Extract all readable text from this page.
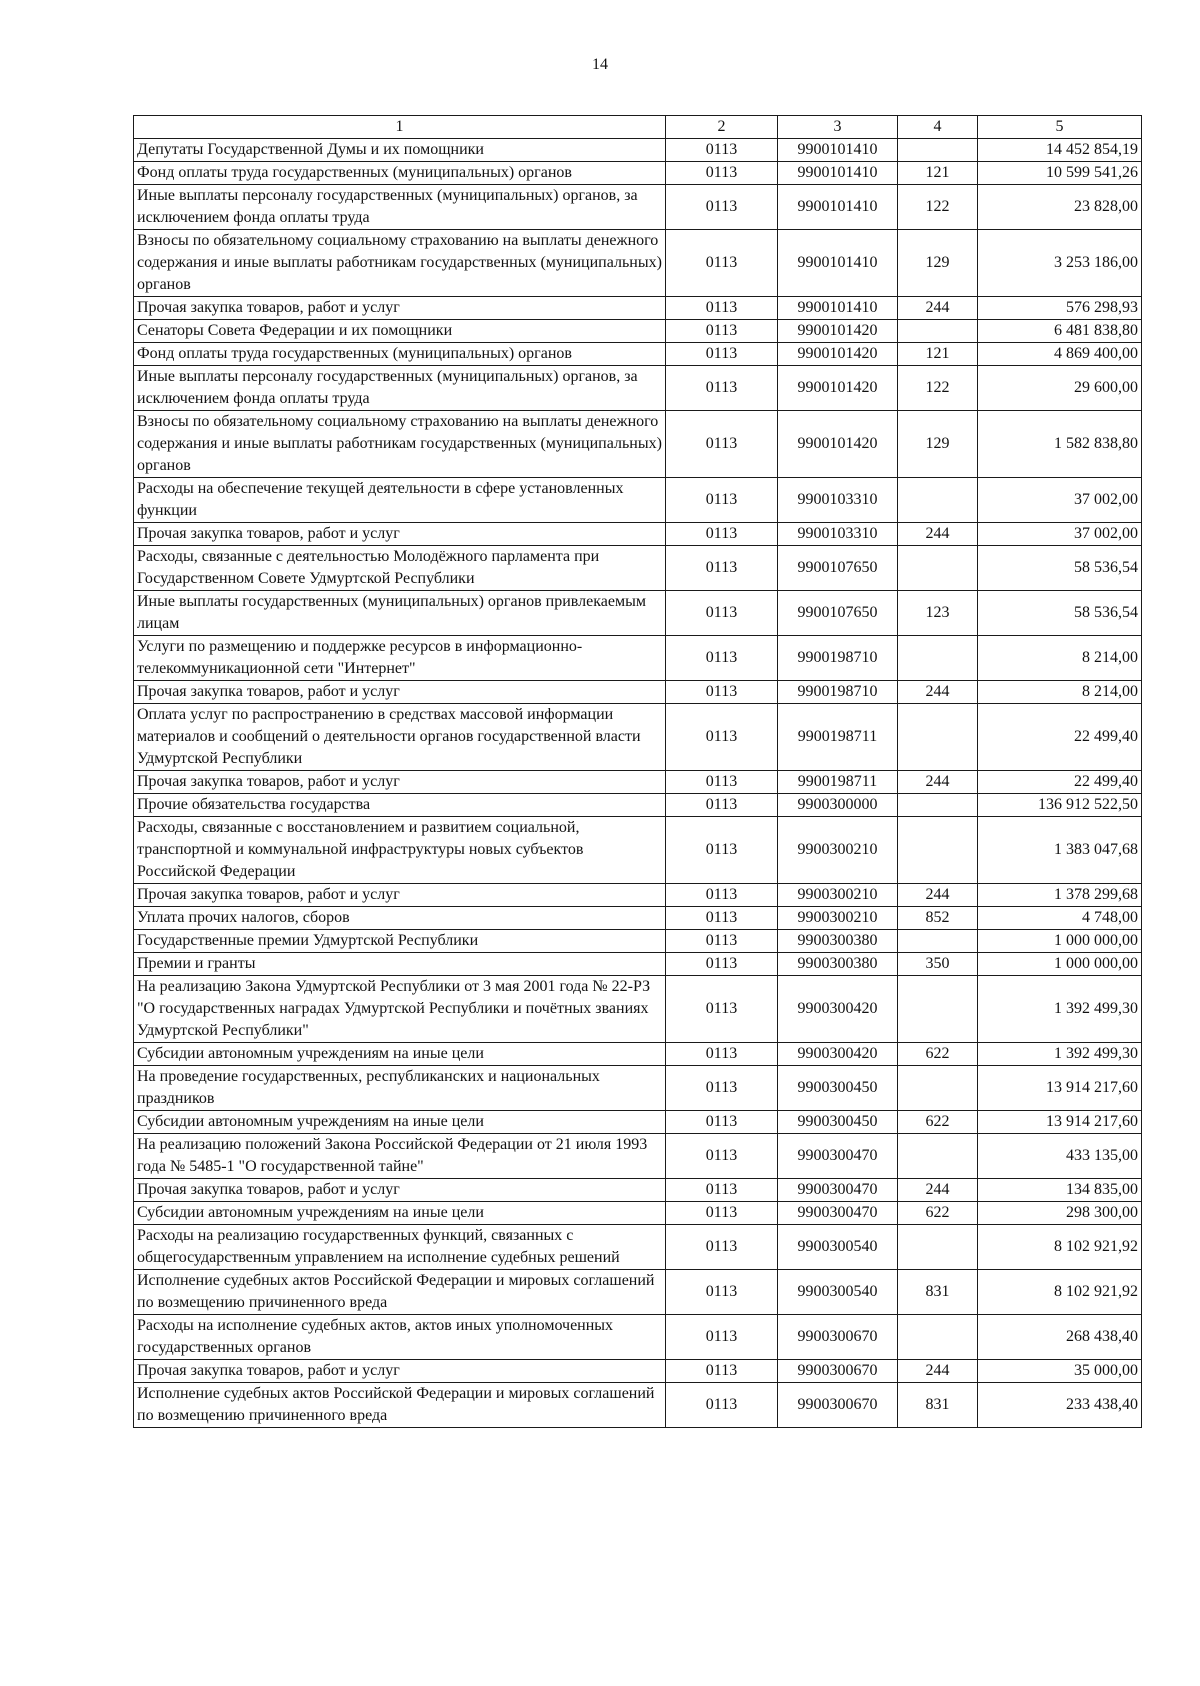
14
1	2	3	4	5
Депутаты Государственной Думы и их помощники	0113	9900101410		14 452 854,19
Фонд оплаты труда государственных (муниципальных) органов	0113	9900101410	121	10 599 541,26
Иные выплаты персоналу государственных (муниципальных) органов, за исключением фонда оплаты труда	0113	9900101410	122	23 828,00
Взносы по обязательному социальному страхованию на выплаты денежного содержания и иные выплаты работникам государственных (муниципальных) органов	0113	9900101410	129	3 253 186,00
Прочая закупка товаров, работ и услуг	0113	9900101410	244	576 298,93
Сенаторы Совета Федерации и их помощники	0113	9900101420		6 481 838,80
Фонд оплаты труда государственных (муниципальных) органов	0113	9900101420	121	4 869 400,00
Иные выплаты персоналу государственных (муниципальных) органов, за исключением фонда оплаты труда	0113	9900101420	122	29 600,00
Взносы по обязательному социальному страхованию на выплаты денежного содержания и иные выплаты работникам государственных (муниципальных) органов	0113	9900101420	129	1 582 838,80
Расходы на обеспечение текущей деятельности в сфере установленных функции	0113	9900103310		37 002,00
Прочая закупка товаров, работ и услуг	0113	9900103310	244	37 002,00
Расходы, связанные с деятельностью Молодёжного парламента при Государственном Совете Удмуртской Республики	0113	9900107650		58 536,54
Иные выплаты государственных (муниципальных) органов привлекаемым лицам	0113	9900107650	123	58 536,54
Услуги по размещению и поддержке ресурсов в информационно-телекоммуникационной сети "Интернет"	0113	9900198710		8 214,00
Прочая закупка товаров, работ и услуг	0113	9900198710	244	8 214,00
Оплата услуг по распространению в средствах массовой информации материалов и сообщений о деятельности органов государственной власти Удмуртской Республики	0113	9900198711		22 499,40
Прочая закупка товаров, работ и услуг	0113	9900198711	244	22 499,40
Прочие обязательства государства	0113	9900300000		136 912 522,50
Расходы, связанные с восстановлением и развитием социальной, транспортной и коммунальной инфраструктуры новых субъектов Российской Федерации	0113	9900300210		1 383 047,68
Прочая закупка товаров, работ и услуг	0113	9900300210	244	1 378 299,68
Уплата прочих налогов, сборов	0113	9900300210	852	4 748,00
Государственные премии Удмуртской Республики	0113	9900300380		1 000 000,00
Премии и гранты	0113	9900300380	350	1 000 000,00
На реализацию Закона Удмуртской Республики от 3 мая 2001 года № 22-РЗ "О государственных наградах Удмуртской Республики и почётных званиях Удмуртской Республики"	0113	9900300420		1 392 499,30
Субсидии автономным учреждениям на иные цели	0113	9900300420	622	1 392 499,30
На проведение государственных, республиканских и национальных праздников	0113	9900300450		13 914 217,60
Субсидии автономным учреждениям на иные цели	0113	9900300450	622	13 914 217,60
На реализацию положений Закона Российской Федерации от 21 июля 1993 года № 5485-1 "О государственной тайне"	0113	9900300470		433 135,00
Прочая закупка товаров, работ и услуг	0113	9900300470	244	134 835,00
Субсидии автономным учреждениям на иные цели	0113	9900300470	622	298 300,00
Расходы на реализацию государственных функций, связанных с общегосударственным управлением на исполнение судебных решений	0113	9900300540		8 102 921,92
Исполнение судебных актов Российской Федерации и мировых соглашений по возмещению причиненного вреда	0113	9900300540	831	8 102 921,92
Расходы на исполнение судебных актов, актов иных уполномоченных государственных органов	0113	9900300670		268 438,40
Прочая закупка товаров, работ и услуг	0113	9900300670	244	35 000,00
Исполнение судебных актов Российской Федерации и мировых соглашений по возмещению причиненного вреда	0113	9900300670	831	233 438,40
